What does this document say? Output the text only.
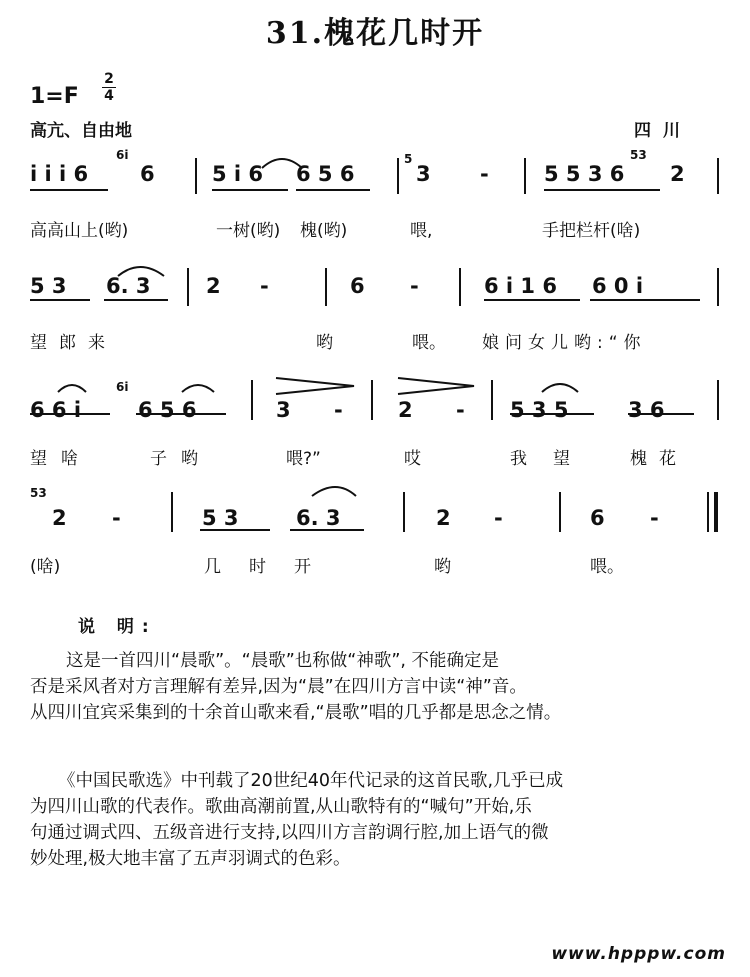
31.槐花几时开
1=F
2
4
高亢、自由地	四川
i i i 6
6i
6	5 i 6 6 5 6
5
3 -	5 5 3 6
53
2
高高山上(哟)	一树(哟) 槐(哟)	喂,	手把栏杆(啥)
5 3 6. 3	2 -	6 -	6 i 1 6 6 0 i
望郎来	哟	喂。 娘问女儿哟:“你
6 6 i
6i
6 5 6	3 -	2 - 5 3 5	3 6
望啥	子哟	喂?”	哎	我望 槐花
53
2 -	5 3	6. 3	2 -	6 -
(啥)	几时开	哟	喂。
说 明:
这是一首四川“晨歌”。“晨歌”也称做“神歌”, 不能确定是
否是采风者对方言理解有差异,因为“晨”在四川方言中读“神”音。
从四川宜宾采集到的十余首山歌来看,“晨歌”唱的几乎都是思念之情。
《中国民歌选》中刊载了20世纪40年代记录的这首民歌,几乎已成
为四川山歌的代表作。歌曲高潮前置,从山歌特有的“喊句”开始,乐
句通过调式四、五级音进行支持,以四川方言韵调行腔,加上语气的微
妙处理,极大地丰富了五声羽调式的色彩。
www.hpppw.com
